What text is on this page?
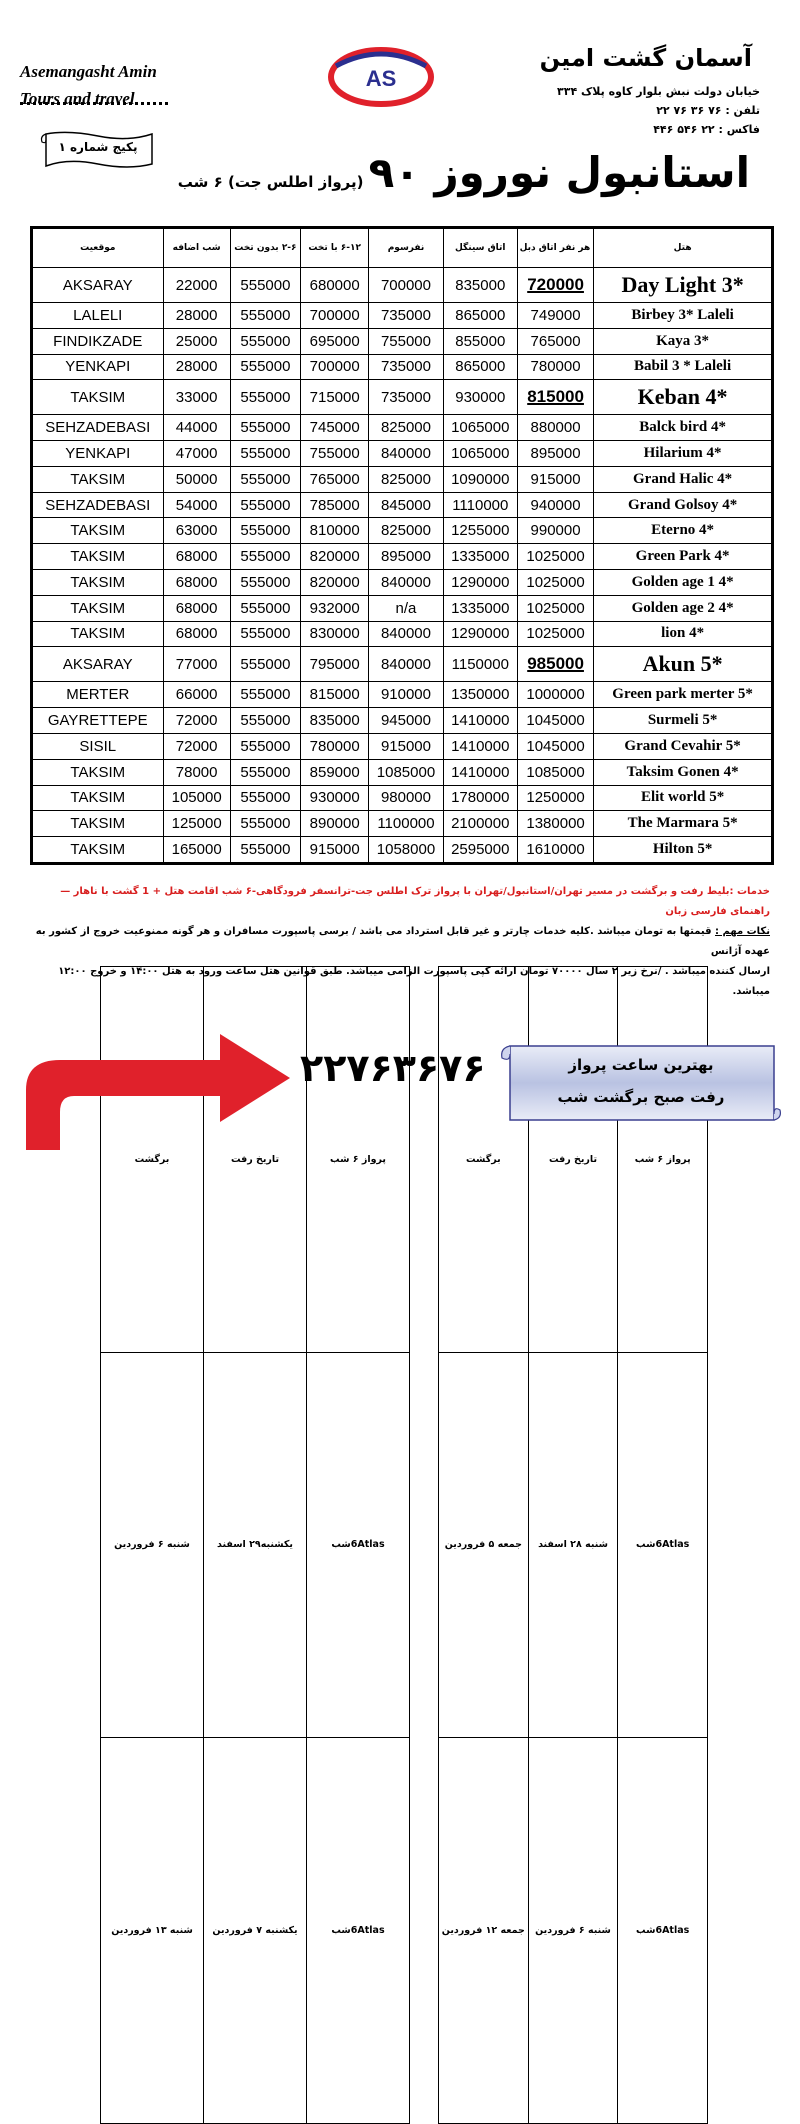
Asemangasht Amin
Tours and travel
AS
آسمان گشت امین
خیابان دولت نبش بلوار کاوه پلاک ۳۳۴
تلفن : ۷۶ ۳۶ ۷۶ ۲۲
فاکس : ۲۲ ۵۴۶ ۴۴۶
پکیج شماره ۱
استانبول نوروز ۹۰ (پرواز اطلس جت) ۶ شب
موقعیت	شب اضافه	۲-۶ بدون تخت	۶-۱۲ با تخت	نفرسوم	اتاق سینگل	هر نفر اتاق دبل	هتل
AKSARAY	22000	555000	680000	700000	835000	720000	Day Light 3*
LALELI	28000	555000	700000	735000	865000	749000	Birbey 3* Laleli
FINDIKZADE	25000	555000	695000	755000	855000	765000	Kaya 3*
YENKAPI	28000	555000	700000	735000	865000	780000	Babil 3 * Laleli
TAKSIM	33000	555000	715000	735000	930000	815000	Keban 4*
SEHZADEBASI	44000	555000	745000	825000	1065000	880000	Balck bird 4*
YENKAPI	47000	555000	755000	840000	1065000	895000	Hilarium 4*
TAKSIM	50000	555000	765000	825000	1090000	915000	Grand Halic 4*
SEHZADEBASI	54000	555000	785000	845000	1110000	940000	Grand Golsoy 4*
TAKSIM	63000	555000	810000	825000	1255000	990000	Eterno 4*
TAKSIM	68000	555000	820000	895000	1335000	1025000	Green Park 4*
TAKSIM	68000	555000	820000	840000	1290000	1025000	Golden age 1 4*
TAKSIM	68000	555000	932000	n/a	1335000	1025000	Golden age 2 4*
TAKSIM	68000	555000	830000	840000	1290000	1025000	lion 4*
AKSARAY	77000	555000	795000	840000	1150000	985000	Akun 5*
MERTER	66000	555000	815000	910000	1350000	1000000	Green park merter 5*
GAYRETTEPE	72000	555000	835000	945000	1410000	1045000	Surmeli 5*
SISIL	72000	555000	780000	915000	1410000	1045000	Grand Cevahir 5*
TAKSIM	78000	555000	859000	1085000	1410000	1085000	Taksim Gonen 4*
TAKSIM	105000	555000	930000	980000	1780000	1250000	Elit world 5*
TAKSIM	125000	555000	890000	1100000	2100000	1380000	The Marmara 5*
TAKSIM	165000	555000	915000	1058000	2595000	1610000	Hilton 5*
خدمات :بلیط رفت و برگشت در مسیر تهران/استانبول/تهران با پرواز ترک اطلس جت-ترانسفر فرودگاهی-۶ شب اقامت هتل + 1 گشت با ناهار —راهنمای فارسی زبان
نکات مهم : قیمتها به تومان میباشد .کلیه خدمات چارتر و غیر قابل استرداد می باشد / برسی پاسپورت مسافران و هر گونه ممنوعیت خروج از کشور به عهده آژانس
ارسال کننده میباشد . /نرخ زیر ۲ سال ۷۰۰۰۰ تومان ارائه کپی پاسپورت الزامی میباشد. طبق قوانین هتل ساعت ورود به هتل ۱۴:۰۰ و خروج ۱۲:۰۰ میباشد.
پرواز ۶ شب	تاریخ رفت	برگشت
6Atlasشب	شنبه ۲۸ اسفند	جمعه ۵ فروردین
6Atlasشب	شنبه ۶ فروردین	جمعه ۱۲ فروردین
پرواز ۶ شب	تاریخ رفت	برگشت
6Atlasشب	یکشنبه۲۹ اسفند	شنبه ۶ فروردین
6Atlasشب	یکشنبه ۷ فروردین	شنبه ۱۳ فروردین
۲۲۷۶۳۶۷۶	بهترین ساعت پرواز
رفت صبح برگشت شب
